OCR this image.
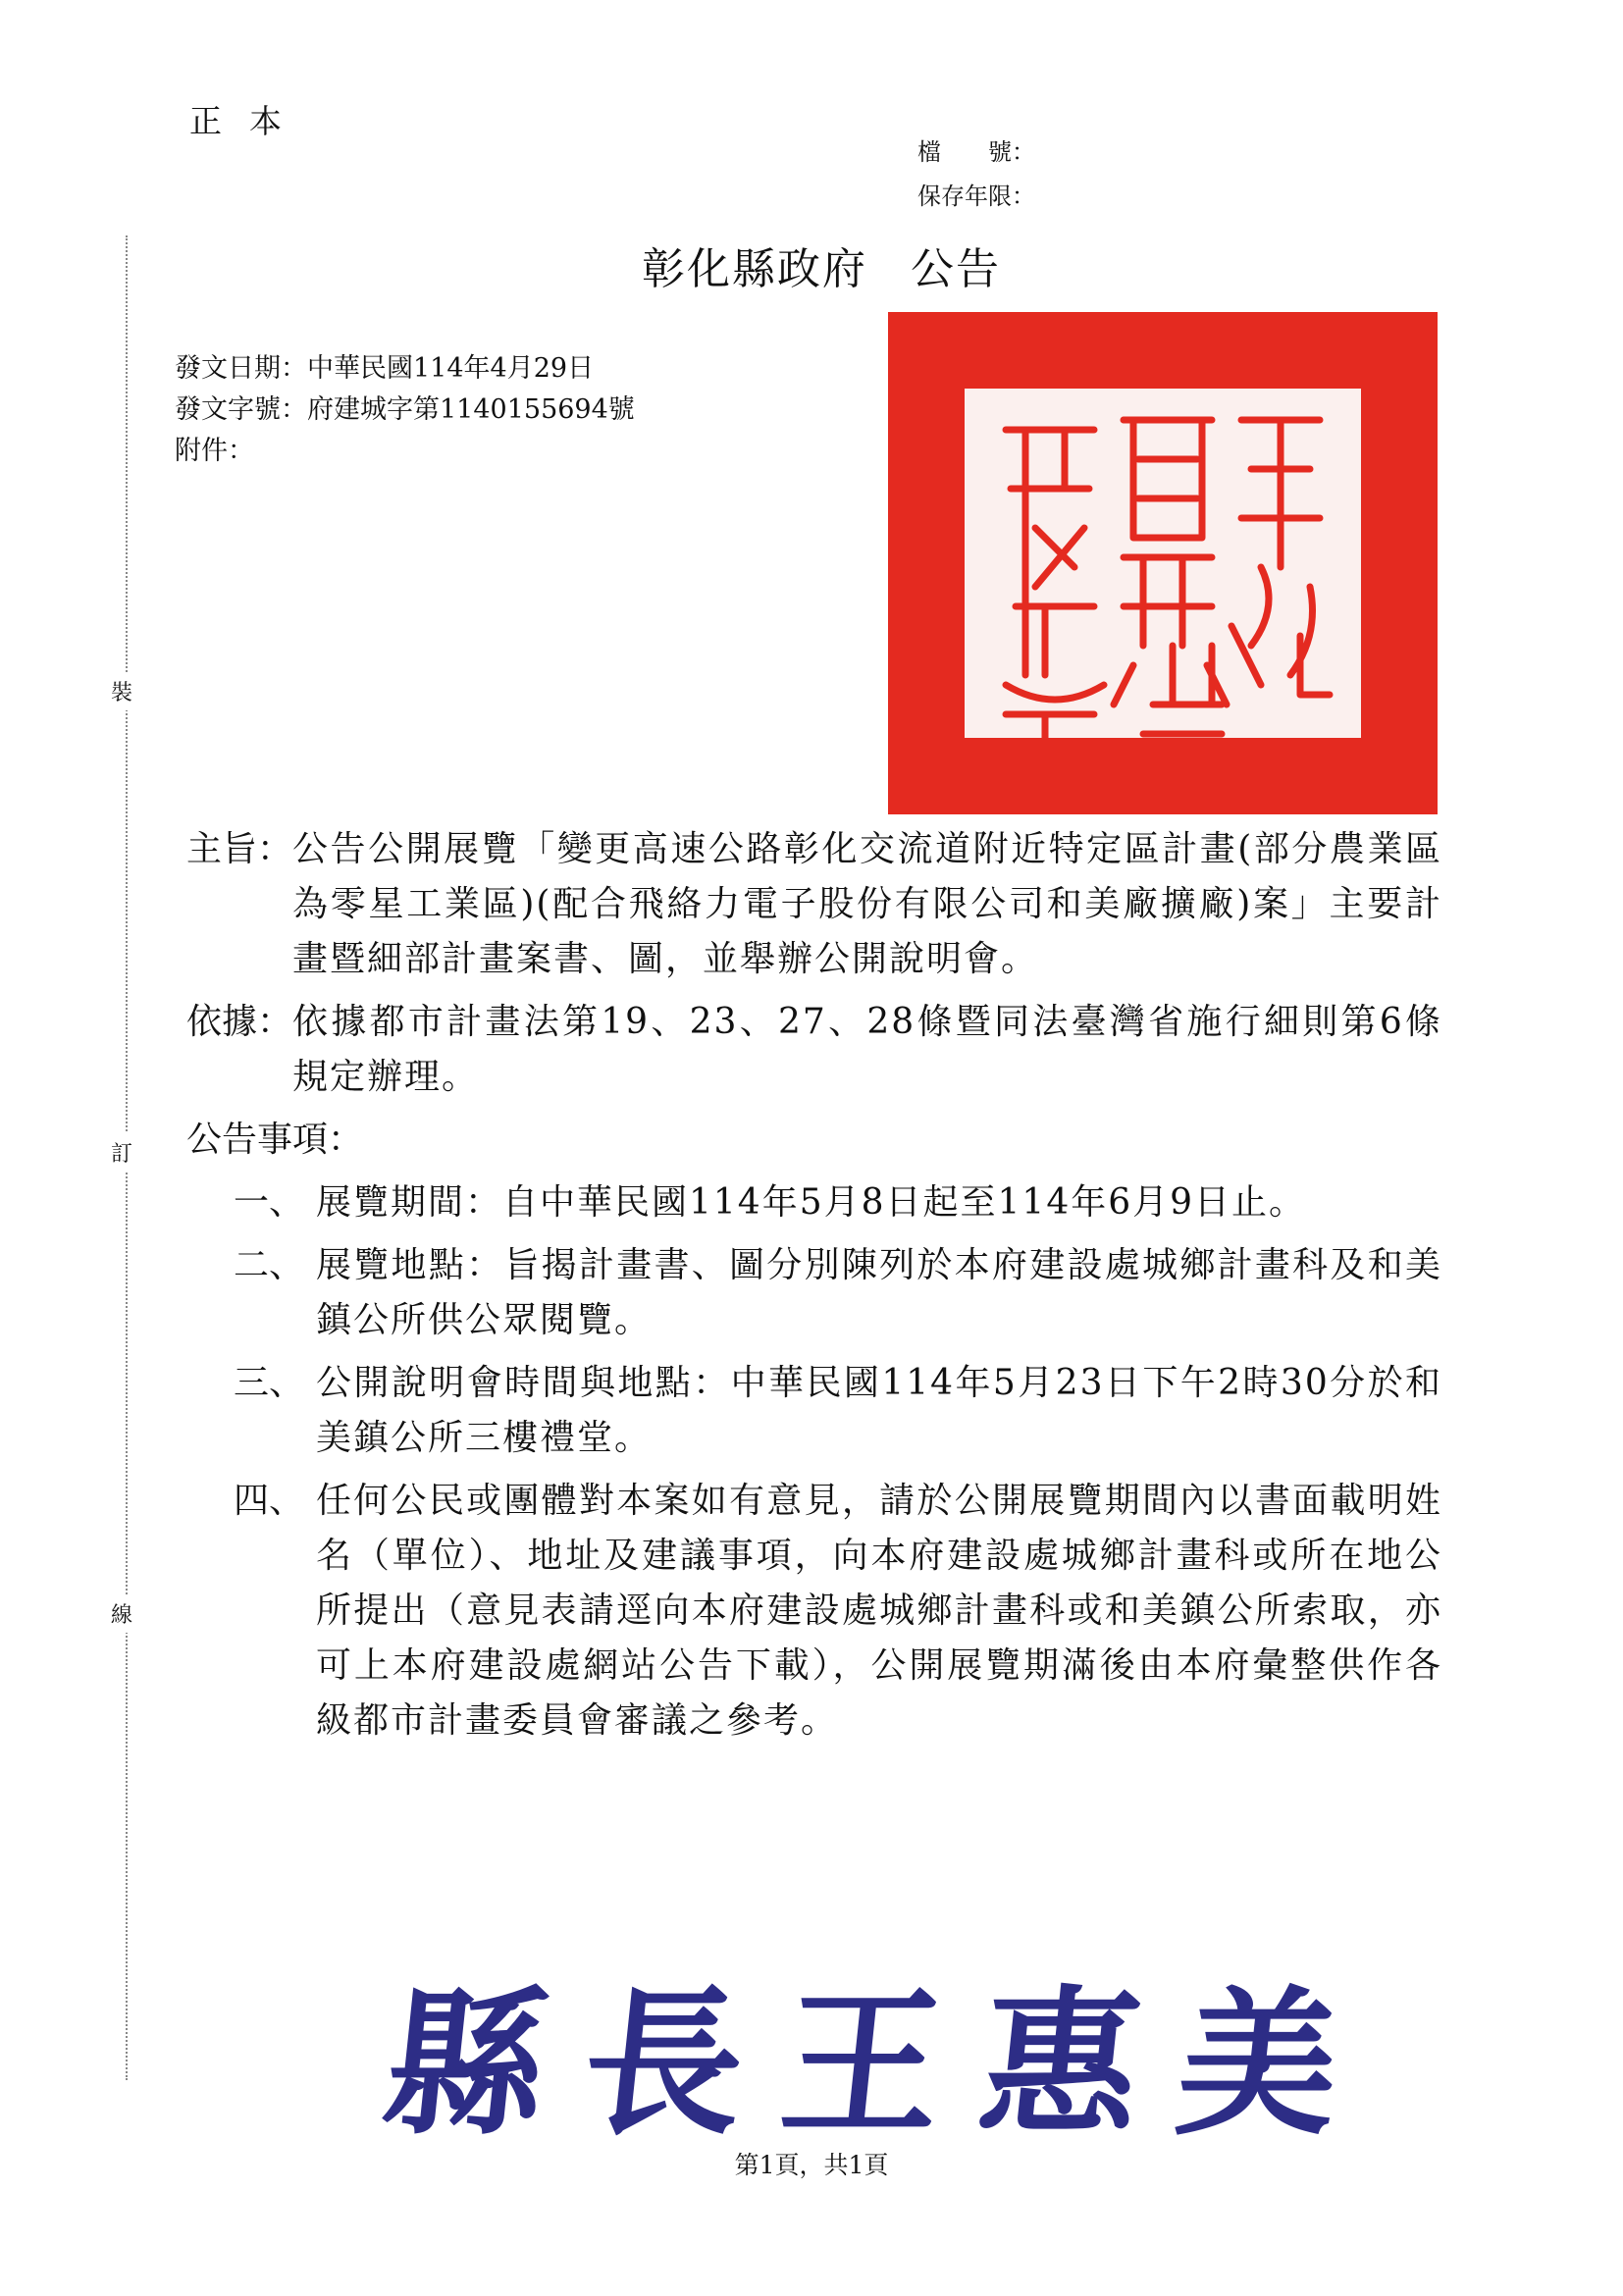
正本
檔　　號：
保存年限：
彰化縣政府 公告
發文日期：中華民國114年4月29日
發文字號：府建城字第1140155694號
附件：
裝
訂
線
主旨： 公告公開展覽「變更高速公路彰化交流道附近特定區計畫(部分農業區為零星工業區)(配合飛絡力電子股份有限公司和美廠擴廠)案」主要計畫暨細部計畫案書、圖，並舉辦公開說明會。
依據： 依據都市計畫法第19、23、27、28條暨同法臺灣省施行細則第6條規定辦理。
公告事項：
一、 展覽期間：自中華民國114年5月8日起至114年6月9日止。
二、 展覽地點：旨揭計畫書、圖分別陳列於本府建設處城鄉計畫科及和美鎮公所供公眾閱覽。
三、 公開說明會時間與地點：中華民國114年5月23日下午2時30分於和美鎮公所三樓禮堂。
四、 任何公民或團體對本案如有意見，請於公開展覽期間內以書面載明姓名（單位）、地址及建議事項，向本府建設處城鄉計畫科或所在地公所提出（意見表請逕向本府建設處城鄉計畫科或和美鎮公所索取，亦可上本府建設處網站公告下載），公開展覽期滿後由本府彙整供作各級都市計畫委員會審議之參考。
縣長王惠美
第1頁，共1頁
